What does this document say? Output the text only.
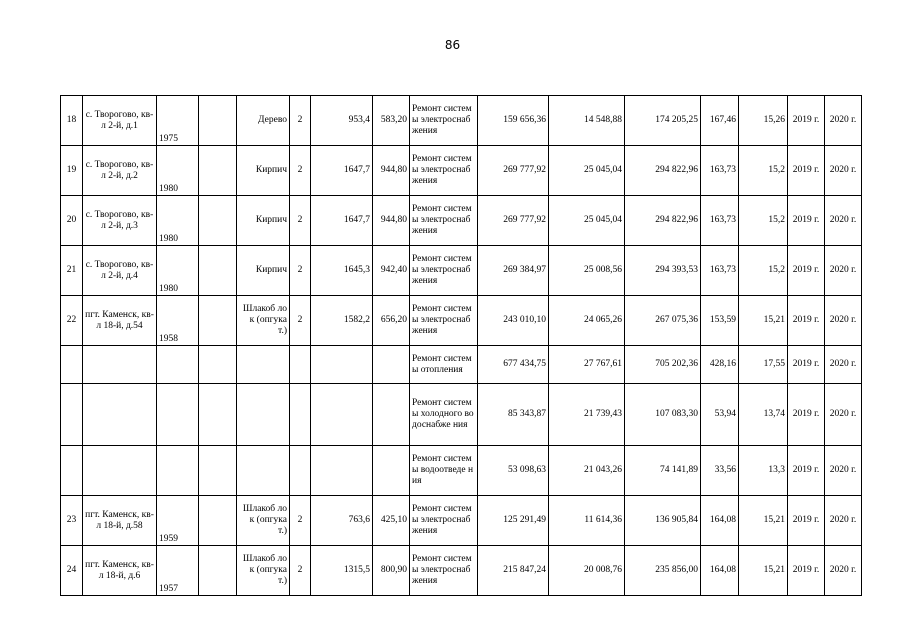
86
18	с. Творогово, кв-л 2-й, д.1	1975		Дерево	2	953,4	583,20	Ремонт системы электроснаб жения	159 656,36	14 548,88	174 205,25	167,46	15,26	2019 г.	2020 г.
19	с. Творогово, кв-л 2-й, д.2	1980		Кирпич	2	1647,7	944,80	Ремонт системы электроснаб жения	269 777,92	25 045,04	294 822,96	163,73	15,2	2019 г.	2020 г.
20	с. Творогово, кв-л 2-й, д.3	1980		Кирпич	2	1647,7	944,80	Ремонт системы электроснаб жения	269 777,92	25 045,04	294 822,96	163,73	15,2	2019 г.	2020 г.
21	с. Творогово, кв-л 2-й, д.4	1980		Кирпич	2	1645,3	942,40	Ремонт системы электроснаб жения	269 384,97	25 008,56	294 393,53	163,73	15,2	2019 г.	2020 г.
22	пгт. Каменск, кв-л 18-й, д.54	1958		Шлакоб лок (опгука т.)	2	1582,2	656,20	Ремонт системы электроснаб жения	243 010,10	24 065,26	267 075,36	153,59	15,21	2019 г.	2020 г.
								Ремонт системы отопления	677 434,75	27 767,61	705 202,36	428,16	17,55	2019 г.	2020 г.
								Ремонт системы холодного водоснабже ния	85 343,87	21 739,43	107 083,30	53,94	13,74	2019 г.	2020 г.
								Ремонт системы водоотведе ния	53 098,63	21 043,26	74 141,89	33,56	13,3	2019 г.	2020 г.
23	пгт. Каменск, кв-л 18-й, д.58	1959		Шлакоб лок (опгука т.)	2	763,6	425,10	Ремонт системы электроснаб жения	125 291,49	11 614,36	136 905,84	164,08	15,21	2019 г.	2020 г.
24	пгт. Каменск, кв-л 18-й, д.6	1957		Шлакоб лок (опгука т.)	2	1315,5	800,90	Ремонт системы электроснаб жения	215 847,24	20 008,76	235 856,00	164,08	15,21	2019 г.	2020 г.
